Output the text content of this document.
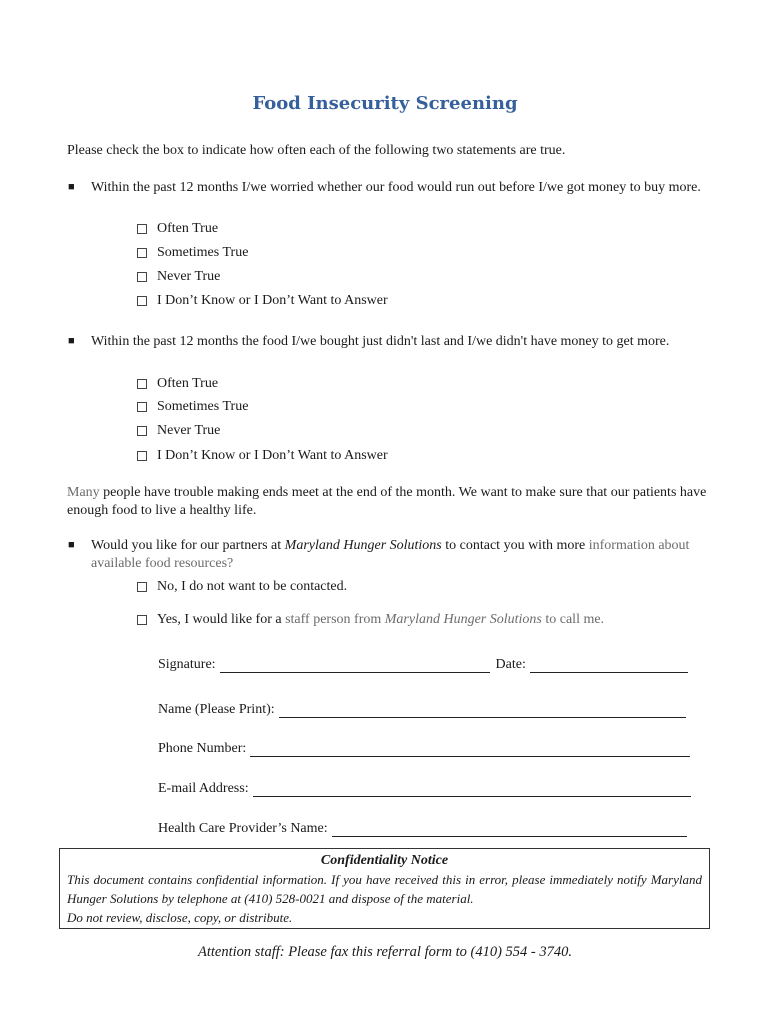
Food Insecurity Screening
Please check the box to indicate how often each of the following two statements are true.
■ Within the past 12 months I/we worried whether our food would run out before I/we got money to buy more.
Often True
Sometimes True
Never True
I Don’t Know or I Don’t Want to Answer
■ Within the past 12 months the food I/we bought just didn't last and I/we didn't have money to get more.
Often True
Sometimes True
Never True
I Don’t Know or I Don’t Want to Answer
Many people have trouble making ends meet at the end of the month. We want to make sure that our patients have enough food to live a healthy life.
■ Would you like for our partners at Maryland Hunger Solutions to contact you with more information about available food resources?
No, I do not want to be contacted.
Yes, I would like for a staff person from Maryland Hunger Solutions to call me.
Signature:	Date:
Name (Please Print):
Phone Number:
E-mail Address:
Health Care Provider’s Name:
Confidentiality Notice
This document contains confidential information. If you have received this in error, please immediately notify Maryland Hunger Solutions by telephone at (410) 528-0021 and dispose of the material.
Do not review, disclose, copy, or distribute.
Attention staff: Please fax this referral form to (410) 554 - 3740.
